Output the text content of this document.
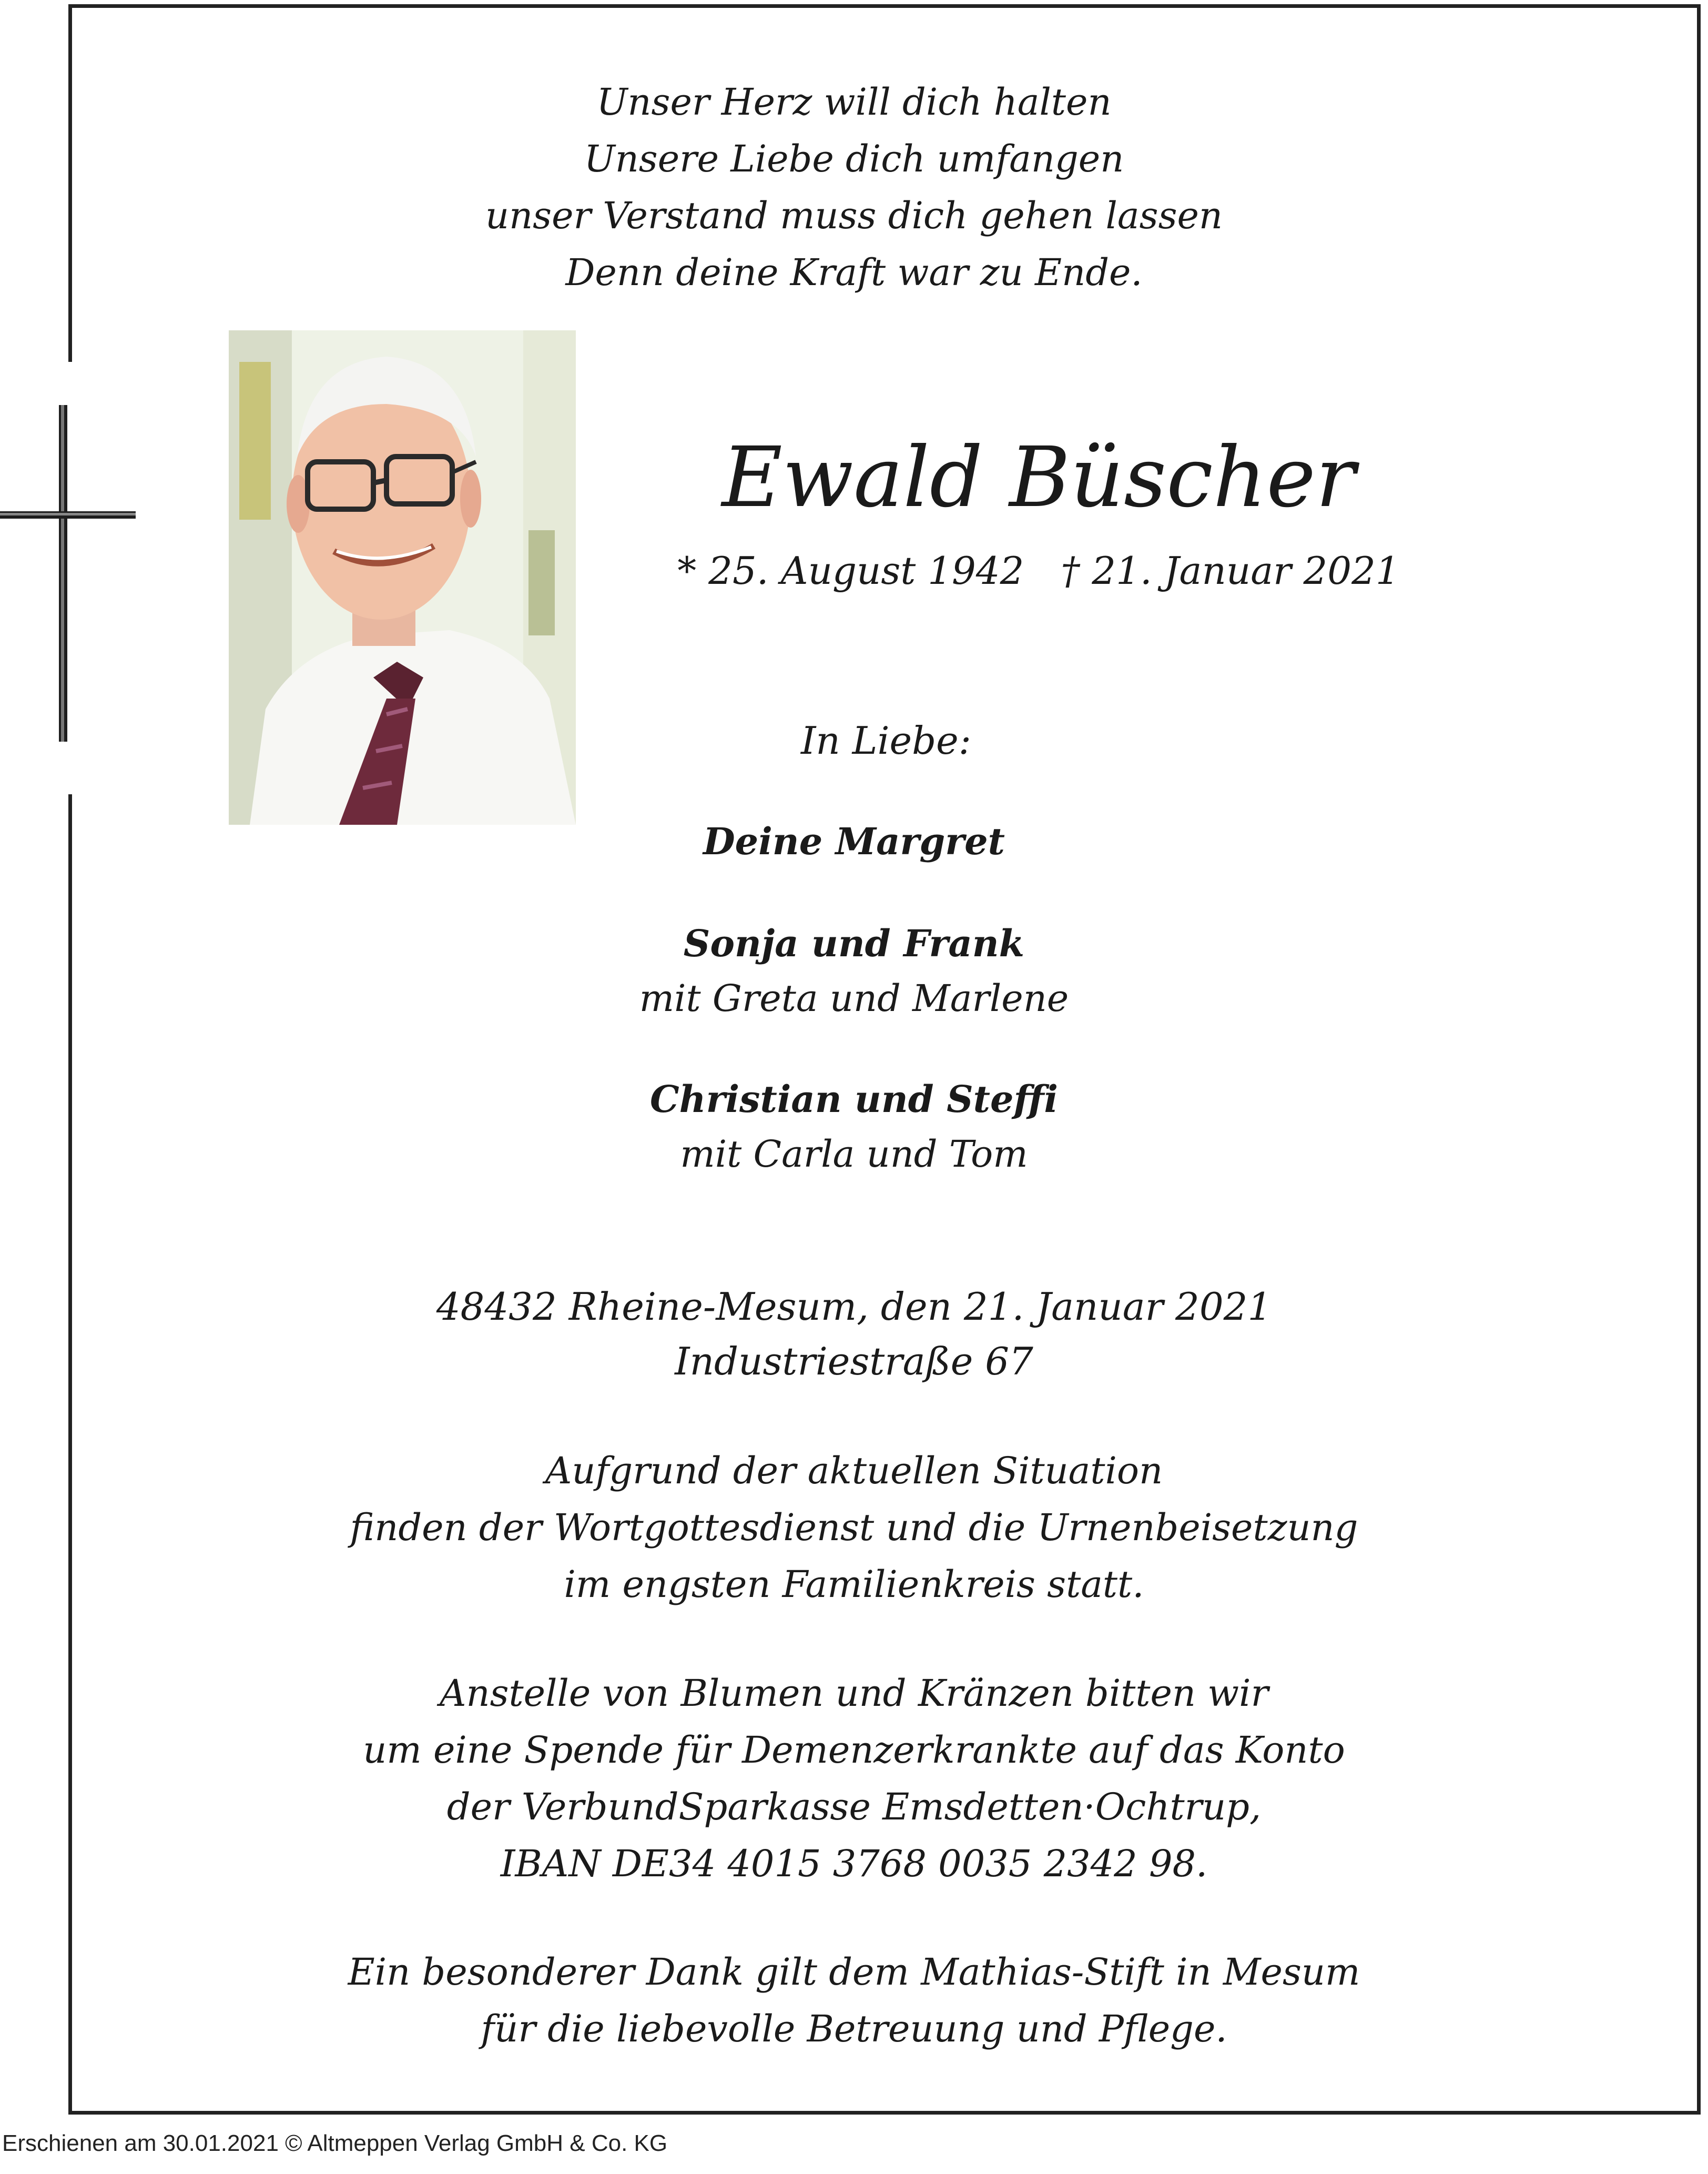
Unser Herz will dich halten
Unsere Liebe dich umfangen
unser Verstand muss dich gehen lassen
Denn deine Kraft war zu Ende.
Ewald Büscher
* 25. August 1942 † 21. Januar 2021
In Liebe:
Deine Margret
Sonja und Frank
mit Greta und Marlene
Christian und Steffi
mit Carla und Tom
48432 Rheine-Mesum, den 21. Januar 2021
Industriestraße 67
Aufgrund der aktuellen Situation
finden der Wortgottesdienst und die Urnenbeisetzung
im engsten Familienkreis statt.
Anstelle von Blumen und Kränzen bitten wir
um eine Spende für Demenzerkrankte auf das Konto
der VerbundSparkasse Emsdetten·Ochtrup,
IBAN DE34 4015 3768 0035 2342 98.
Ein besonderer Dank gilt dem Mathias-Stift in Mesum
für die liebevolle Betreuung und Pflege.
Erschienen am 30.01.2021 © Altmeppen Verlag GmbH & Co. KG
